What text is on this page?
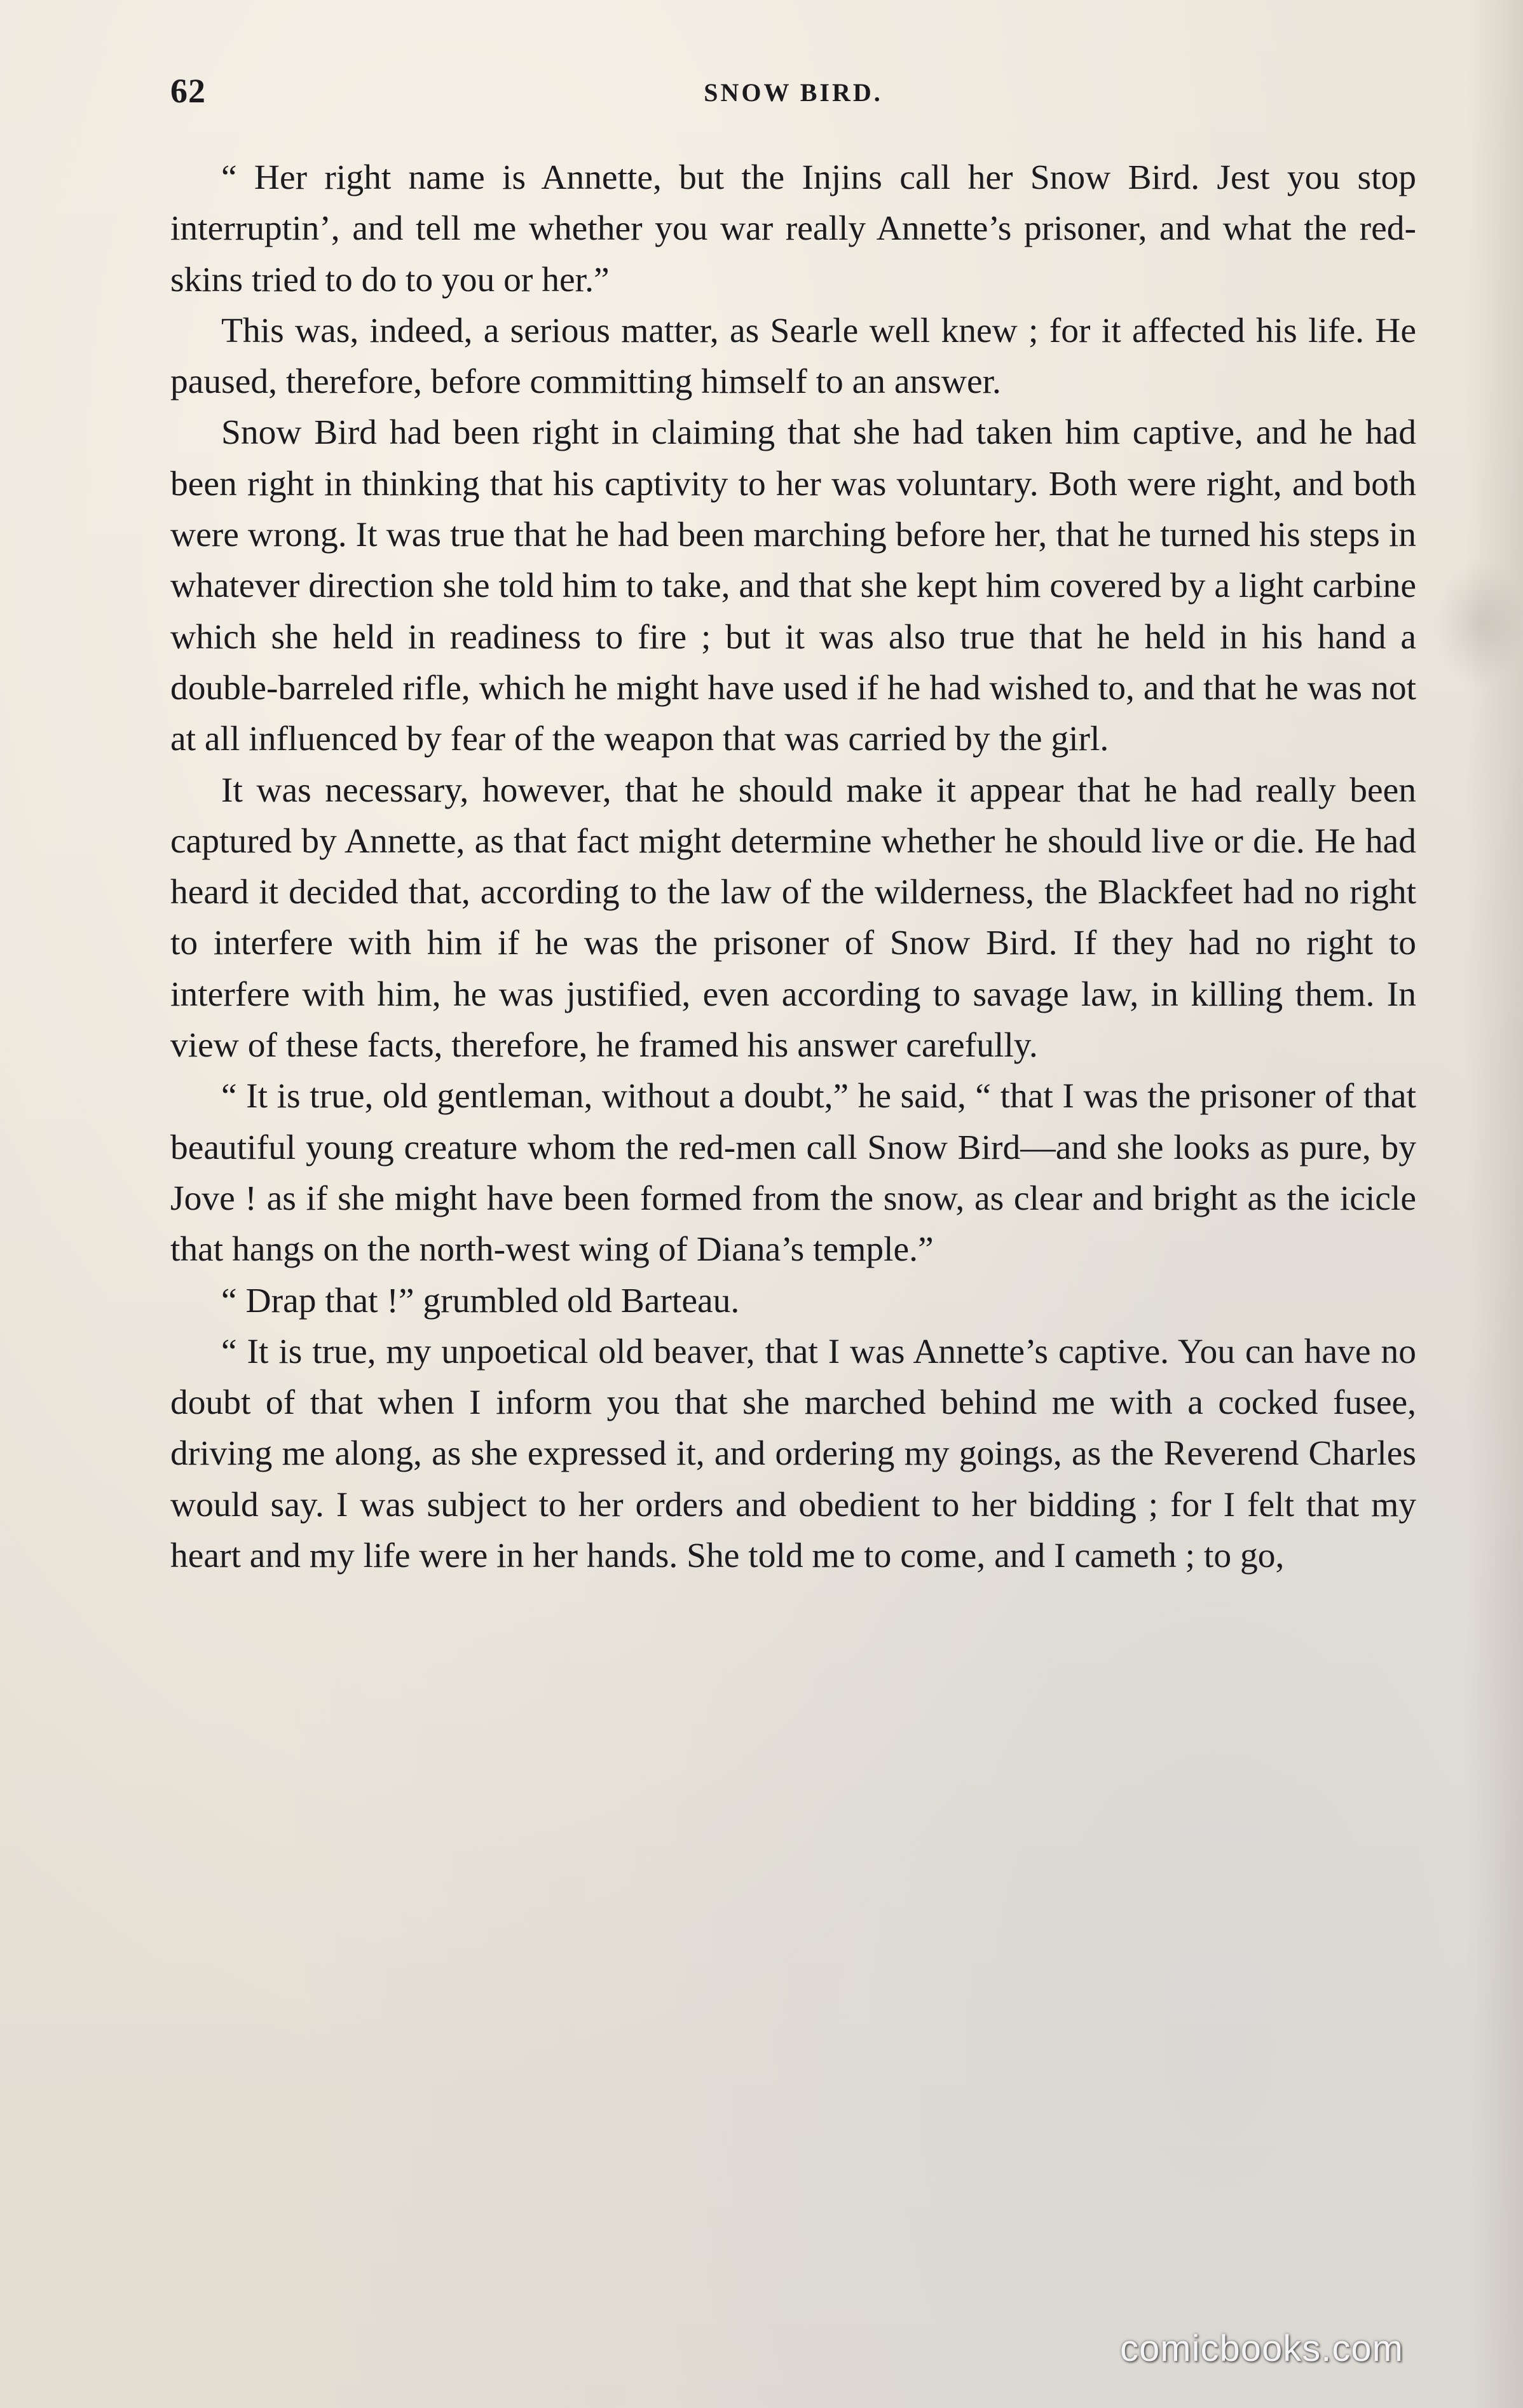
62	SNOW BIRD.

“ Her right name is Annette, but the Injins call her Snow Bird. Jest you stop interruptin’, and tell me whether you war really Annette’s prisoner, and what the red-skins tried to do to you or her.”

This was, indeed, a serious matter, as Searle well knew ; for it affected his life. He paused, therefore, before committing himself to an answer.

Snow Bird had been right in claiming that she had taken him captive, and he had been right in thinking that his captivity to her was voluntary. Both were right, and both were wrong. It was true that he had been marching before her, that he turned his steps in whatever direction she told him to take, and that she kept him covered by a light carbine which she held in readiness to fire ; but it was also true that he held in his hand a double-barreled rifle, which he might have used if he had wished to, and that he was not at all influenced by fear of the weapon that was carried by the girl.

It was necessary, however, that he should make it appear that he had really been captured by Annette, as that fact might determine whether he should live or die. He had heard it decided that, according to the law of the wilderness, the Blackfeet had no right to interfere with him if he was the prisoner of Snow Bird. If they had no right to interfere with him, he was justified, even according to savage law, in killing them. In view of these facts, therefore, he framed his answer carefully.

“ It is true, old gentleman, without a doubt,” he said, “ that I was the prisoner of that beautiful young creature whom the red-men call Snow Bird—and she looks as pure, by Jove ! as if she might have been formed from the snow, as clear and bright as the icicle that hangs on the north-west wing of Diana’s temple.”

“ Drap that !” grumbled old Barteau.

“ It is true, my unpoetical old beaver, that I was Annette’s captive. You can have no doubt of that when I inform you that she marched behind me with a cocked fusee, driving me along, as she expressed it, and ordering my goings, as the Reverend Charles would say. I was subject to her orders and obedient to her bidding ; for I felt that my heart and my life were in her hands. She told me to come, and I cameth ; to go,

comicbooks.com
